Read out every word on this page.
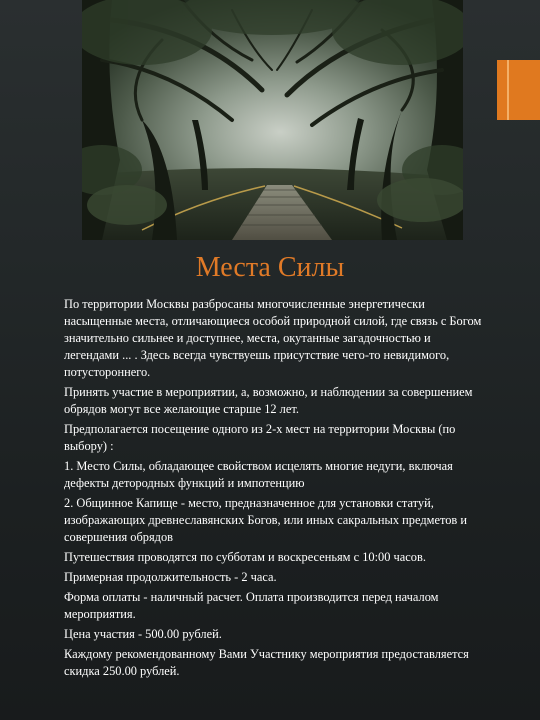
Места Силы

По территории Москвы разбросаны многочисленные энергетически насыщенные места, отличающиеся особой природной силой, где связь с Богом значительно сильнее и доступнее, места, окутанные загадочностью и легендами ... . Здесь всегда чувствуешь присутствие чего-то невидимого, потустороннего.

Принять участие в мероприятии, а, возможно, и наблюдении за совершением обрядов могут все желающие старше 12 лет.

Предполагается посещение одного из 2-х мест на территории Москвы (по выбору) :

1. Место Силы, обладающее свойством исцелять многие недуги, включая дефекты детородных функций и импотенцию

2. Общинное Капище - место, предназначенное для установки статуй, изображающих древнеславянских Богов, или иных сакральных предметов и совершения обрядов

Путешествия проводятся по субботам и воскресеньям с 10:00 часов.

Примерная продолжительность - 2 часа.

Форма оплаты - наличный расчет. Оплата производится перед началом мероприятия.

Цена участия - 500.00 рублей.

Каждому рекомендованному Вами Участнику мероприятия предоставляется скидка 250.00 рублей.
